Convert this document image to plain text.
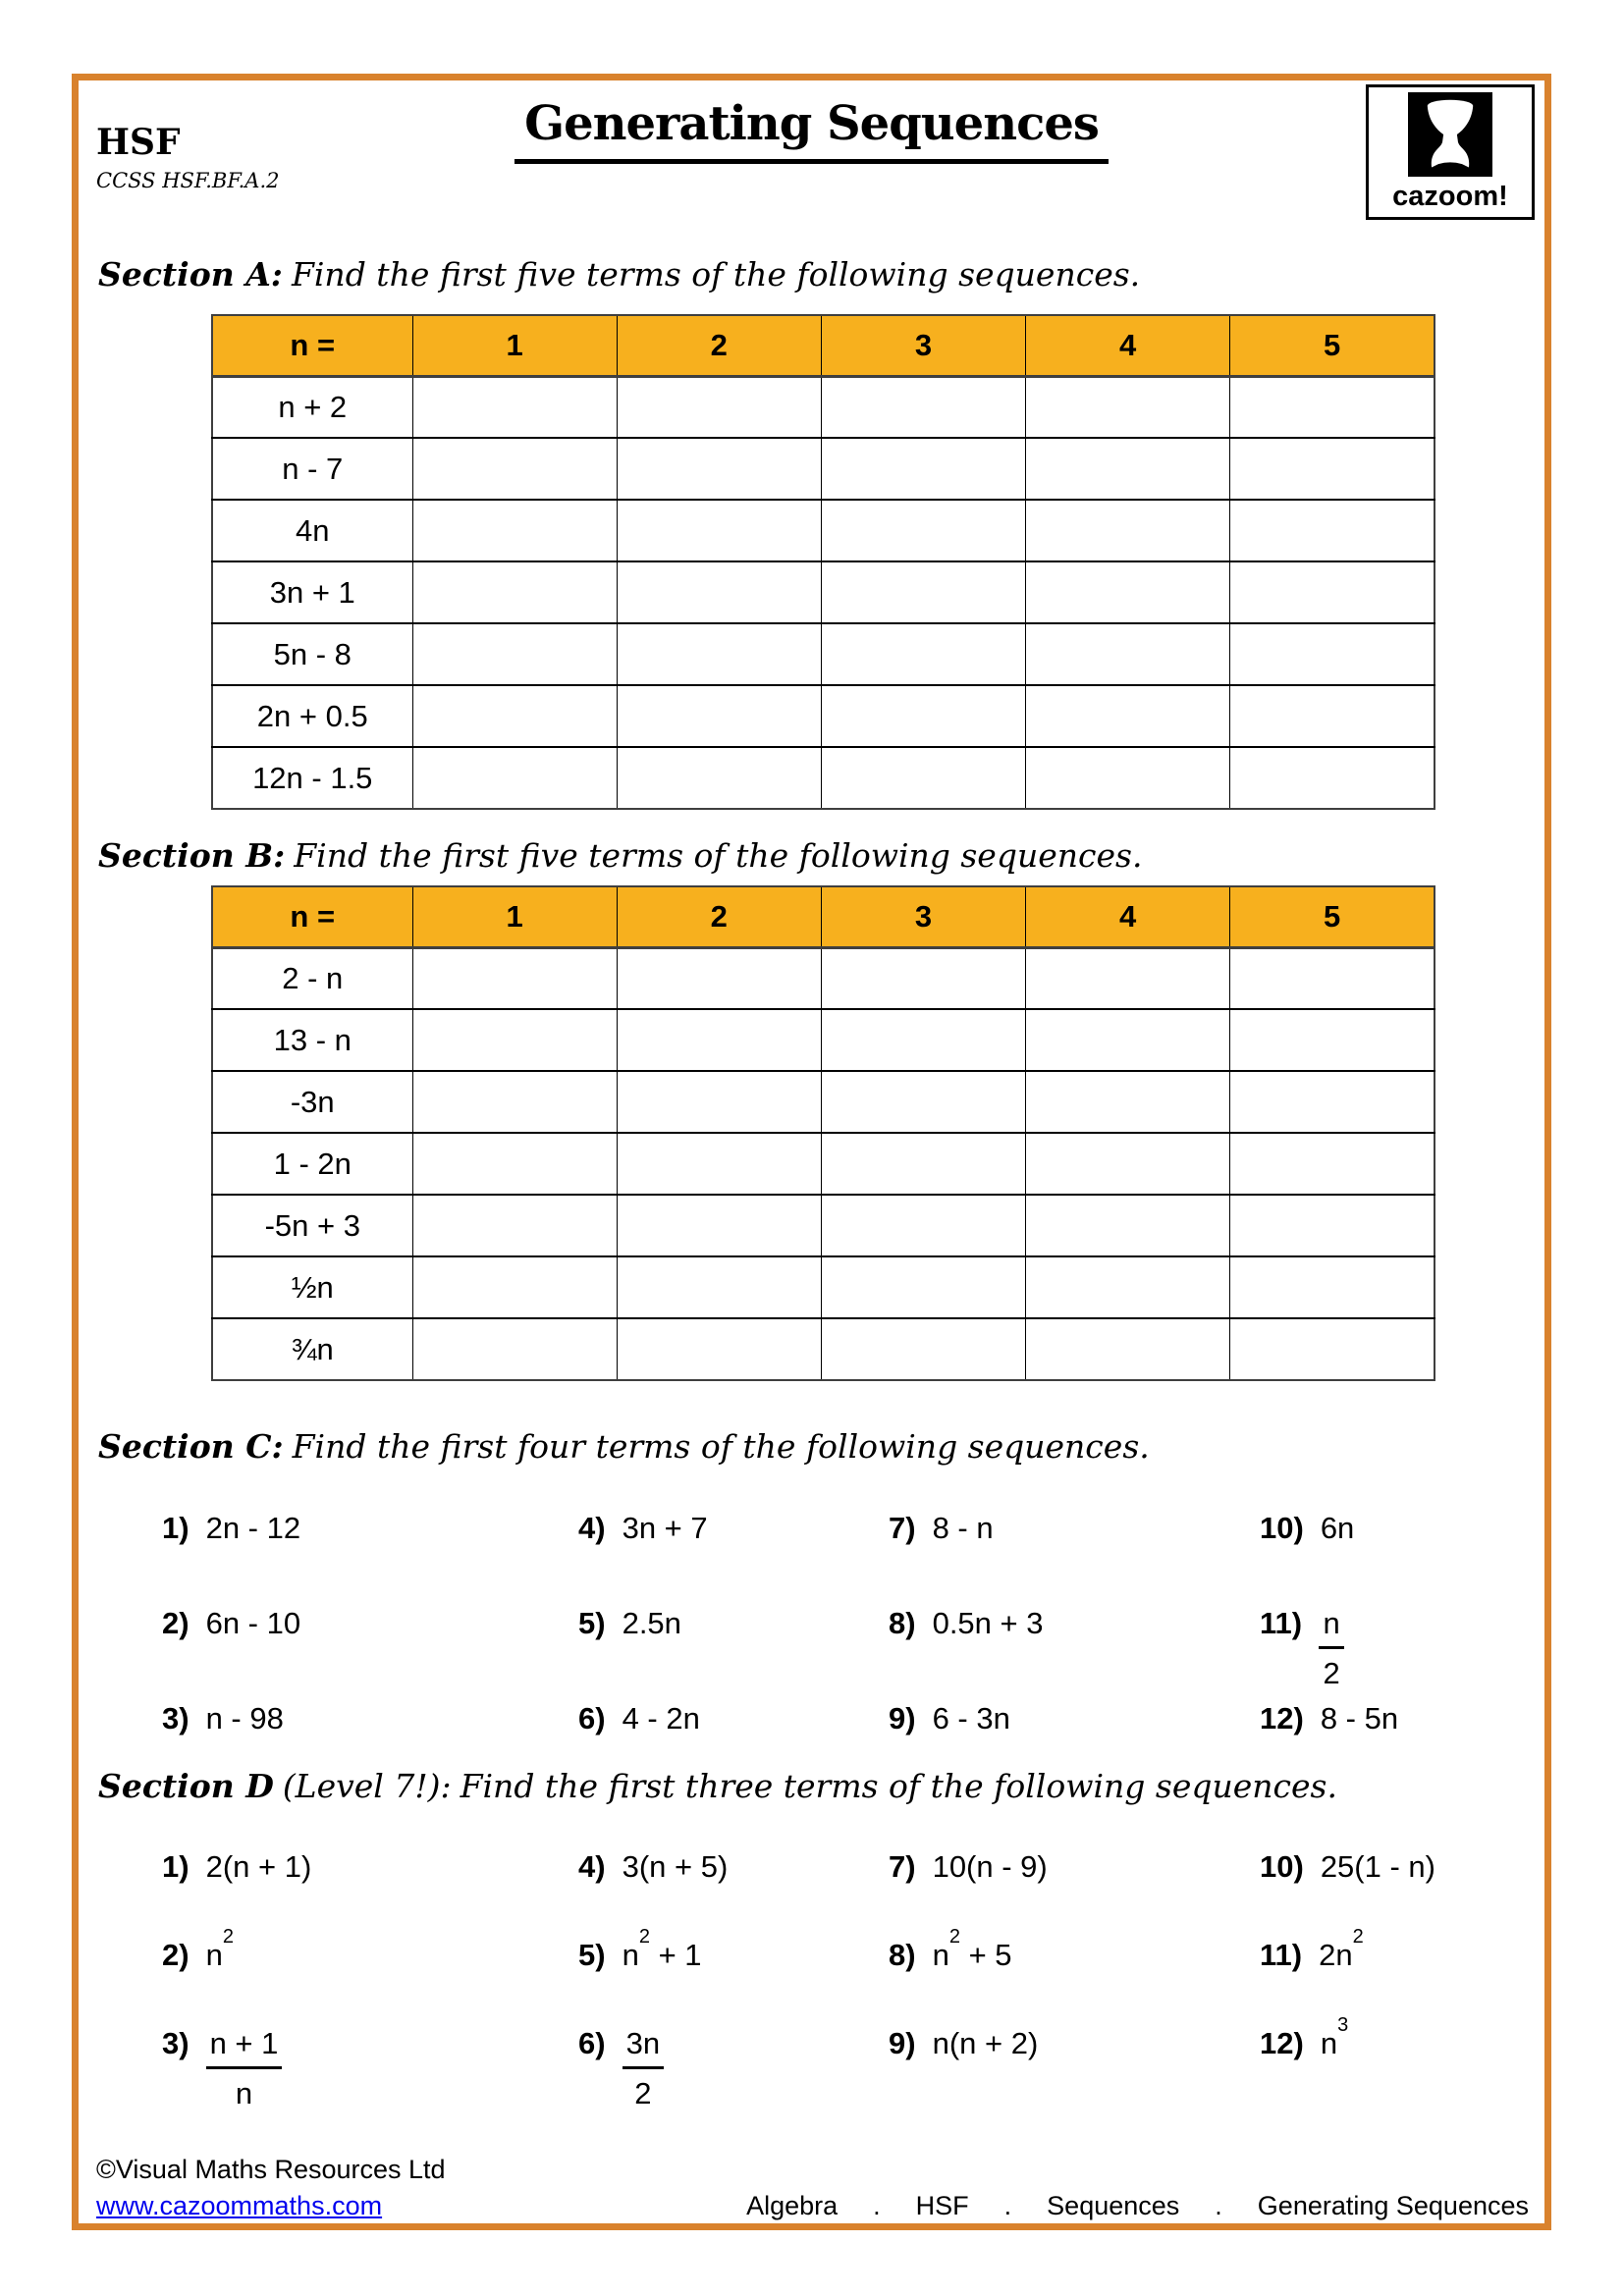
HSF
CCSS HSF.BF.A.2
Generating Sequences
cazoom!
Section A: Find the first five terms of the following sequences.
n =	1	2	3	4	5
n + 2					
n - 7					
4n					
3n + 1					
5n - 8					
2n + 0.5					
12n - 1.5					
Section B: Find the first five terms of the following sequences.
n =	1	2	3	4	5
2 - n					
13 - n					
-3n					
1 - 2n					
-5n + 3					
½n					
¾n					
Section C: Find the first four terms of the following sequences.
1) 2n - 12	4) 3n + 7	7) 8 - n	10) 6n
2) 6n - 10	5) 2.5n	8) 0.5n + 3	$11) \frac{n}{2}$
3) n - 98	6) 4 - 2n	9) 6 - 3n	12) 8 - 5n
Section D (Level 7!): Find the first three terms of the following sequences.
1) 2(n + 1)	4) 3(n + 5)	7) 10(n - 9)	10) 25(1 - n)
2) $n^2$
5) $n^2 + 1$	8) $n^2 + 5$	11) $2n^2$
$3) \frac{n + 1}{n}$	$6) \frac{3n}{2}$	9) n(n + 2)	12) $n^3$
©Visual Maths Resources Ltd
www.cazoommaths.com	Algebra . HSF . Sequences . Generating Sequences
